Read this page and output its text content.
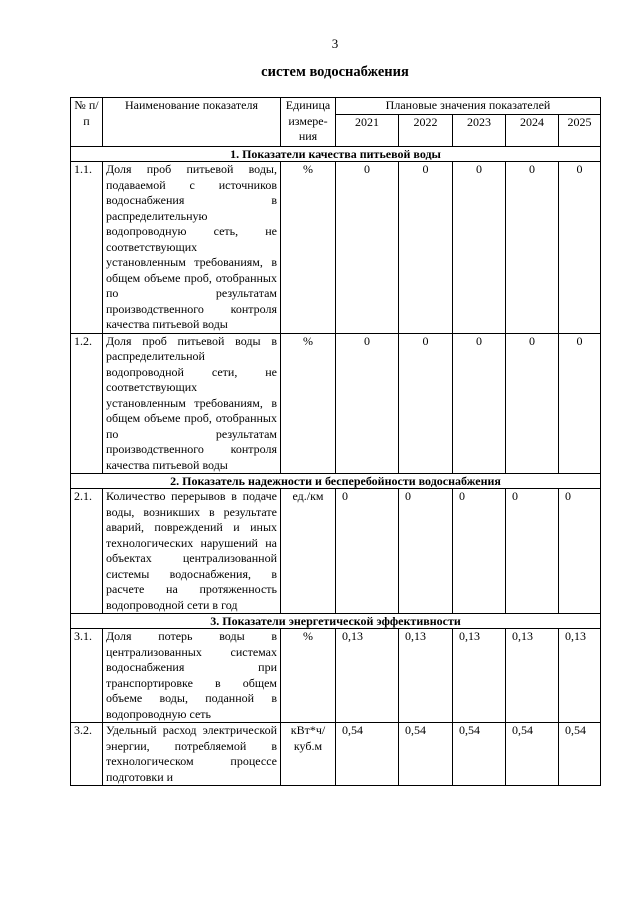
3
систем водоснабжения
№ п/п	Наименование показателя	Единица измере-ния	Плановые значения показателей				
			2021	2022	2023	2024	2025
1. Показатели качества питьевой воды							
1.1.	Доля проб питьевой воды, подаваемой с источников водоснабжения в распределительную водопроводную сеть, не соответствующих установленным требованиям, в общем объеме проб, отобранных по результатам производственного контроля качества питьевой воды	%	0	0	0	0	0
1.2.	Доля проб питьевой воды в распределительной водопроводной сети, не соответствующих установленным требованиям, в общем объеме проб, отобранных по результатам производственного контроля качества питьевой воды	%	0	0	0	0	0
2. Показатель надежности и бесперебойности водоснабжения							
2.1.	Количество перерывов в подаче воды, возникших в результате аварий, повреждений и иных технологических нарушений на объектах централизованной системы водоснабжения, в расчете на протяженность водопроводной сети в год	ед./км	0	0	0	0	0
3. Показатели энергетической эффективности							
3.1.	Доля потерь воды в централизованных системах водоснабжения при транспортировке в общем объеме воды, поданной в водопроводную сеть	%	0,13	0,13	0,13	0,13	0,13
3.2.	Удельный расход электрической энергии, потребляемой в технологическом процессе подготовки и	кВт*ч/ куб.м	0,54	0,54	0,54	0,54	0,54
